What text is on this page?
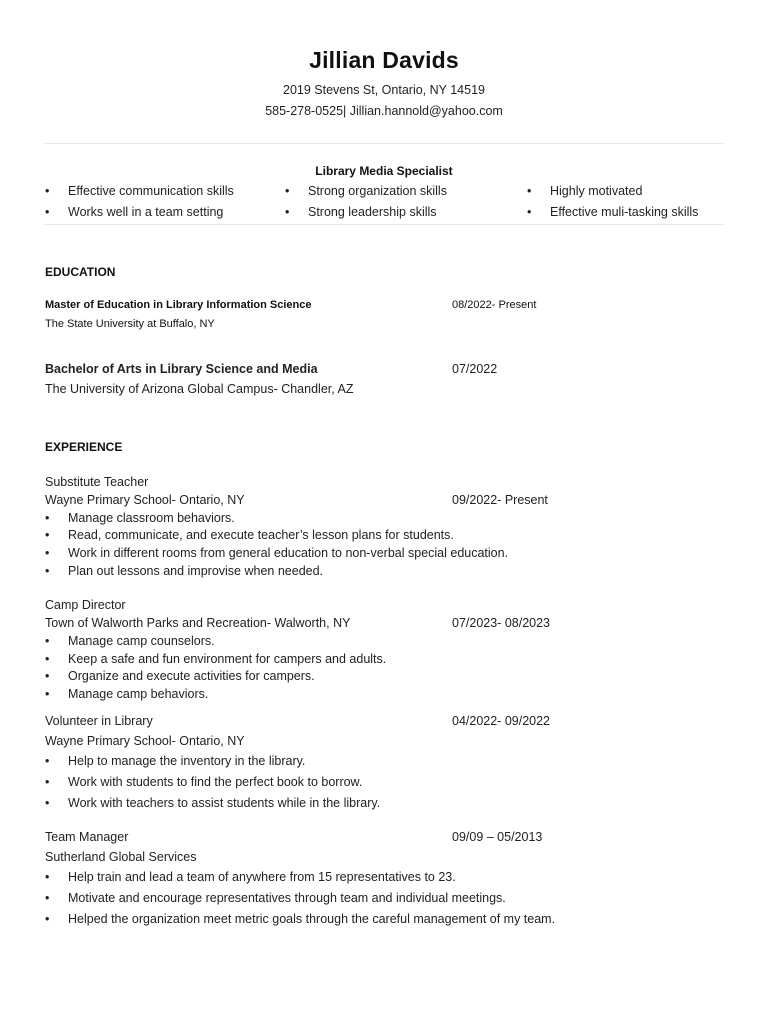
Jillian Davids
2019 Stevens St, Ontario, NY 14519
585-278-0525| Jillian.hannold@yahoo.com
Library Media Specialist
• Effective communication skills	• Strong organization skills	• Highly motivated
• Works well in a team setting	• Strong leadership skills	• Effective muli-tasking skills
EDUCATION
Master of Education in Library Information Science	08/2022- Present
The State University at Buffalo, NY
Bachelor of Arts in Library Science and Media	07/2022
The University of Arizona Global Campus- Chandler, AZ
EXPERIENCE
Substitute Teacher
Wayne Primary School- Ontario, NY	09/2022- Present
• Manage classroom behaviors.
• Read, communicate, and execute teacher’s lesson plans for students.
• Work in different rooms from general education to non-verbal special education.
• Plan out lessons and improvise when needed.
Camp Director
Town of Walworth Parks and Recreation- Walworth, NY	07/2023- 08/2023
• Manage camp counselors.
• Keep a safe and fun environment for campers and adults.
• Organize and execute activities for campers.
• Manage camp behaviors.
Volunteer in Library	04/2022- 09/2022
Wayne Primary School- Ontario, NY
• Help to manage the inventory in the library.
• Work with students to find the perfect book to borrow.
• Work with teachers to assist students while in the library.
Team Manager	09/09 – 05/2013
Sutherland Global Services
• Help train and lead a team of anywhere from 15 representatives to 23.
• Motivate and encourage representatives through team and individual meetings.
• Helped the organization meet metric goals through the careful management of my team.
